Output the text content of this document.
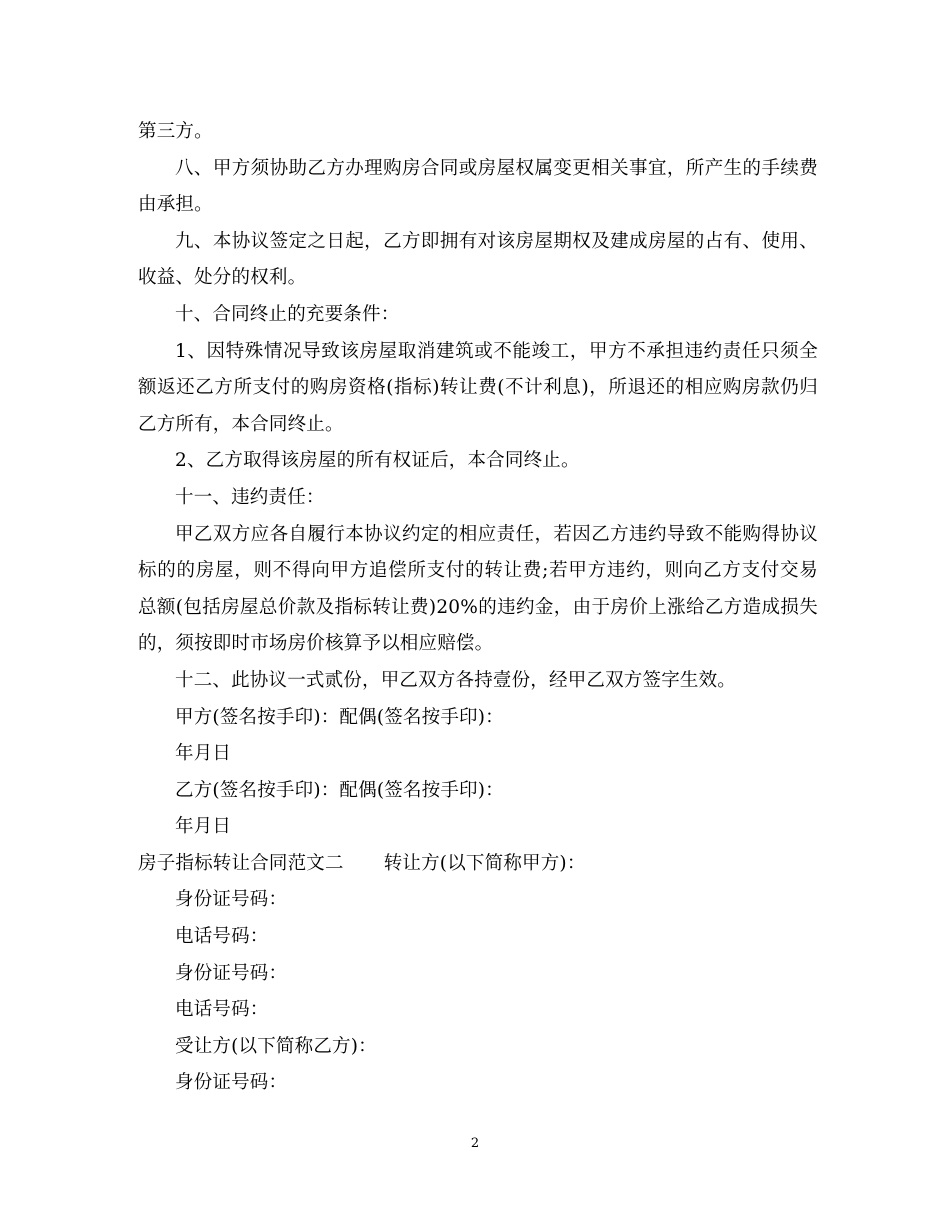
第三方。
八、甲方须协助乙方办理购房合同或房屋权属变更相关事宜，所产生的手续费
由承担。
九、本协议签定之日起，乙方即拥有对该房屋期权及建成房屋的占有、使用、
收益、处分的权利。
十、合同终止的充要条件：
1、因特殊情况导致该房屋取消建筑或不能竣工，甲方不承担违约责任只须全
额返还乙方所支付的购房资格(指标)转让费(不计利息)，所退还的相应购房款仍归
乙方所有，本合同终止。
2、乙方取得该房屋的所有权证后，本合同终止。
十一、违约责任：
甲乙双方应各自履行本协议约定的相应责任，若因乙方违约导致不能购得协议
标的的房屋，则不得向甲方追偿所支付的转让费;若甲方违约，则向乙方支付交易
总额(包括房屋总价款及指标转让费)20%的违约金，由于房价上涨给乙方造成损失
的，须按即时市场房价核算予以相应赔偿。
十二、此协议一式贰份，甲乙双方各持壹份，经甲乙双方签字生效。
甲方(签名按手印)：配偶(签名按手印)：
年月日
乙方(签名按手印)：配偶(签名按手印)：
年月日
房子指标转让合同范文二 转让方(以下简称甲方)：
身份证号码：
电话号码：
身份证号码：
电话号码：
受让方(以下简称乙方)：
身份证号码：
2
